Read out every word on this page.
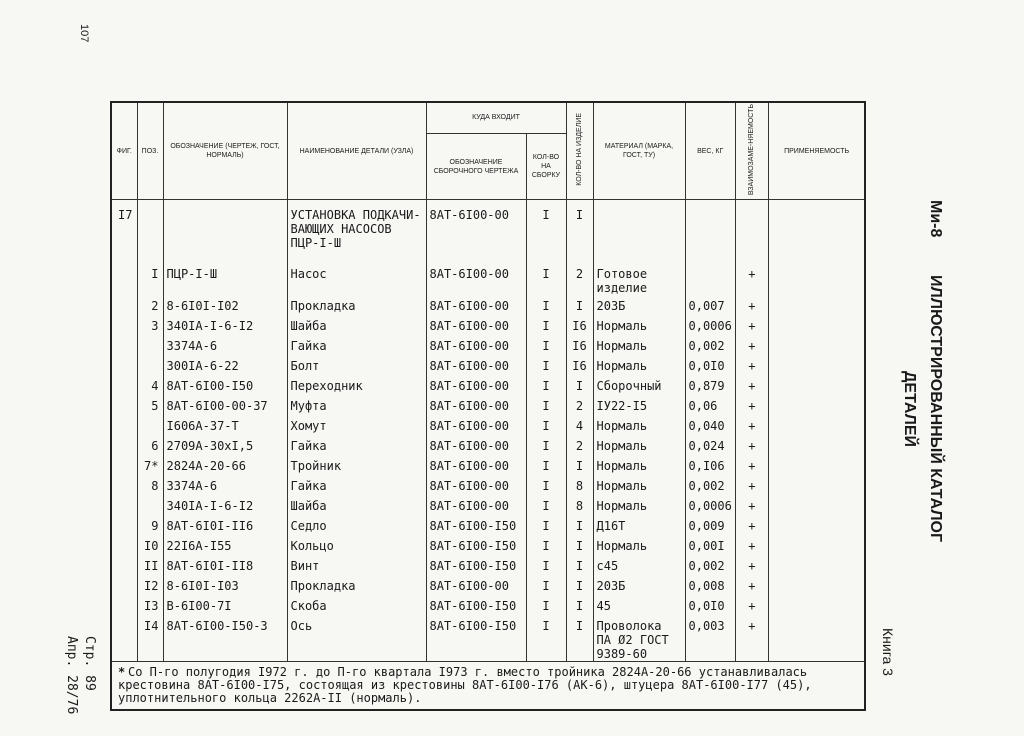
107
Ми-8
ИЛЛЮСТРИРОВАННЫЙ КАТАЛОГ ДЕТАЛЕЙ
Книга 3
Стр. 89
Апр. 28/76
ФИГ.	ПОЗ.	ОБОЗНАЧЕНИЕ (ЧЕРТЕЖ, ГОСТ, НОРМАЛЬ)	НАИМЕНОВАНИЕ ДЕТАЛИ (УЗЛА)	КУДА ВХОДИТ		КОЛ-ВО НА ИЗДЕЛИЕ	МАТЕРИАЛ (МАРКА, ГОСТ, ТУ)	ВЕС, КГ	ВЗАИМОЗАМЕ-НЯЕМОСТЬ	ПРИМЕНЯЕМОСТЬ
				ОБОЗНАЧЕНИЕ СБОРОЧНОГО ЧЕРТЕЖА	КОЛ-ВО НА СБОРКУ					
I7			УСТАНОВКА ПОДКАЧИ-ВАЮЩИХ НАСОСОВ ПЦР-I-Ш	8АТ-6I00-00	I	I				
	I	ПЦР-I-Ш	Насос	8АТ-6I00-00	I	2	Готовое изделие		+	
	2	8-6I0I-I02	Прокладка	8АТ-6I00-00	I	I	203Б	0,007	+	
	3	340IА-I-6-I2	Шайба	8АТ-6I00-00	I	I6	Нормаль	0,0006	+	
		3374А-6	Гайка	8АТ-6I00-00	I	I6	Нормаль	0,002	+	
		300IА-6-22	Болт	8АТ-6I00-00	I	I6	Нормаль	0,0I0	+	
	4	8АТ-6I00-I50	Переходник	8АТ-6I00-00	I	I	Сборочный	0,879	+	
	5	8АТ-6I00-00-37	Муфта	8АТ-6I00-00	I	2	IУ22-I5	0,06	+	
		I606А-37-Т	Хомут	8АТ-6I00-00	I	4	Нормаль	0,040	+	
	6	2709А-30хI,5	Гайка	8АТ-6I00-00	I	2	Нормаль	0,024	+	
	7*	2824А-20-66	Тройник	8АТ-6I00-00	I	I	Нормаль	0,I06	+	
	8	3374А-6	Гайка	8АТ-6I00-00	I	8	Нормаль	0,002	+	
		340IА-I-6-I2	Шайба	8АТ-6I00-00	I	8	Нормаль	0,0006	+	
	9	8АТ-6I0I-II6	Седло	8АТ-6I00-I50	I	I	Д16Т	0,009	+	
	I0	22I6А-I55	Кольцо	8АТ-6I00-I50	I	I	Нормаль	0,00I	+	
	II	8АТ-6I0I-II8	Винт	8АТ-6I00-I50	I	I	с45	0,002	+	
	I2	8-6I0I-I03	Прокладка	8АТ-6I00-00	I	I	203Б	0,008	+	
	I3	В-6I00-7I	Скоба	8АТ-6I00-I50	I	I	45	0,0I0	+	
	I4	8АТ-6I00-I50-3	Ось	8АТ-6I00-I50	I	I	Проволока ПА Ø2 ГОСТ 9389-60	0,003	+	
* Со П-го полугодия I972 г. до П-го квартала I973 г. вместо тройника 2824А-20-66 устанавливалась крестовина 8АТ-6I00-I75, состоящая из крестовины 8АТ-6I00-I76 (АК-6), штуцера 8АТ-6I00-I77 (45), уплотнительного кольца 2262А-II (нормаль).										
